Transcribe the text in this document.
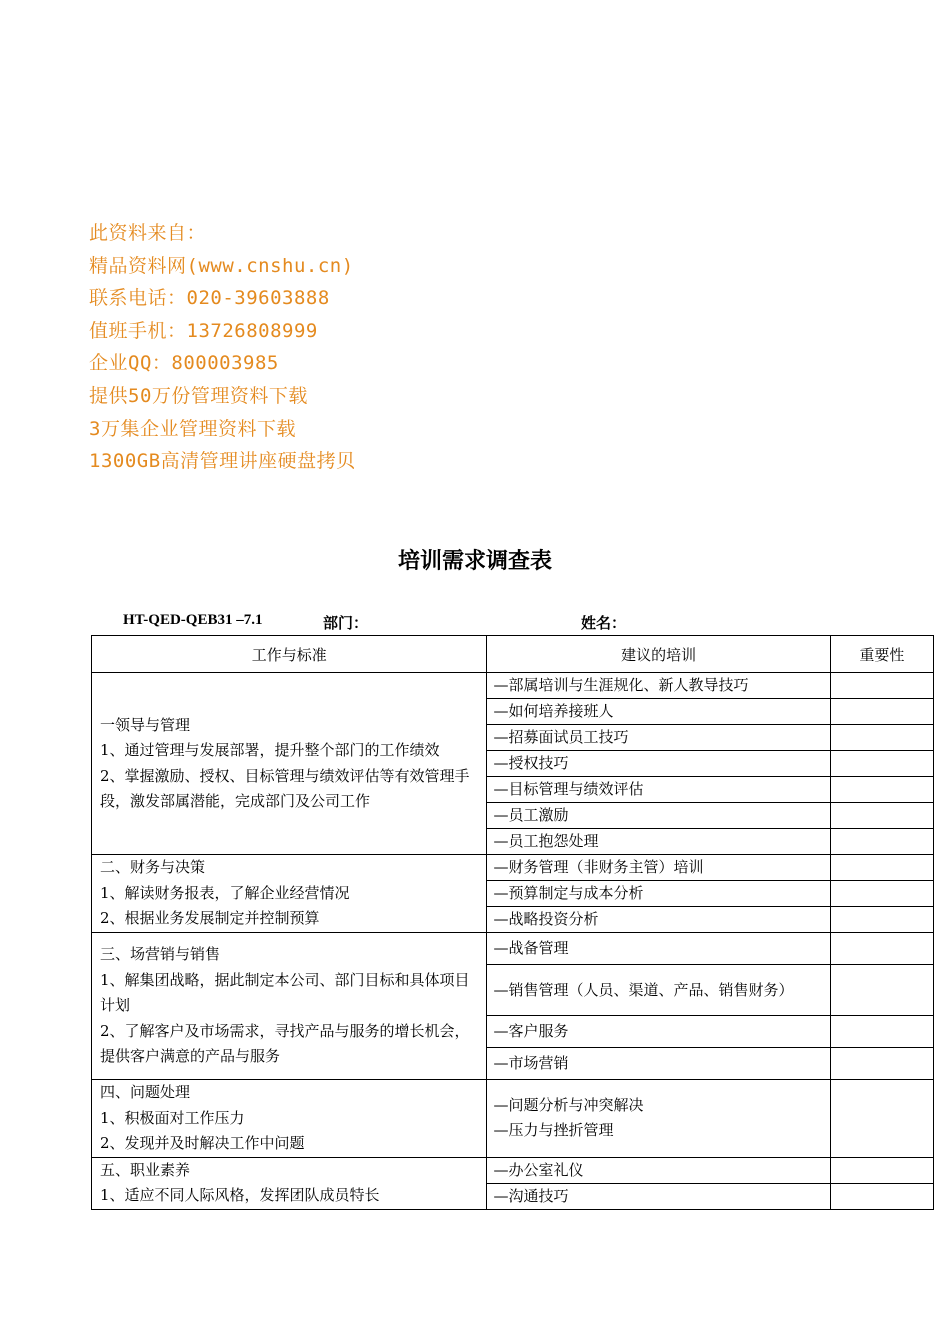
此资料来自：
精品资料网(www.cnshu.cn)
联系电话：020-39603888
值班手机：13726808999
企业QQ：800003985
提供50万份管理资料下载
3万集企业管理资料下载
1300GB高清管理讲座硬盘拷贝
培训需求调查表
HT-QED-QEB31 –7.1	部门：	姓名：
工作与标准	建议的培训	重要性

一领导与管理
1、通过管理与发展部署，提升整个部门的工作绩效
2、掌握激励、授权、目标管理与绩效评估等有效管理手段，激发部属潜能，完成部门及公司工作	—部属培训与生涯规化、新人教导技巧	
	—如何培养接班人	
	—招募面试员工技巧	
	—授权技巧	
	—目标管理与绩效评估	
	—员工激励	
	—员工抱怨处理	

二、财务与决策
1、解读财务报表，了解企业经营情况
2、根据业务发展制定并控制预算	—财务管理（非财务主管）培训	
	—预算制定与成本分析	
	—战略投资分析	

三、场营销与销售
1、解集团战略，据此制定本公司、部门目标和具体项目计划
2、了解客户及市场需求，寻找产品与服务的增长机会，提供客户满意的产品与服务	—战备管理	
	—销售管理（人员、渠道、产品、销售财务）	
	—客户服务	
	—市场营销	

四、问题处理
1、积极面对工作压力
2、发现并及时解决工作中问题	—问题分析与冲突解决
—压力与挫折管理	

五、职业素养
1、适应不同人际风格，发挥团队成员特长	—办公室礼仪	
	—沟通技巧	
